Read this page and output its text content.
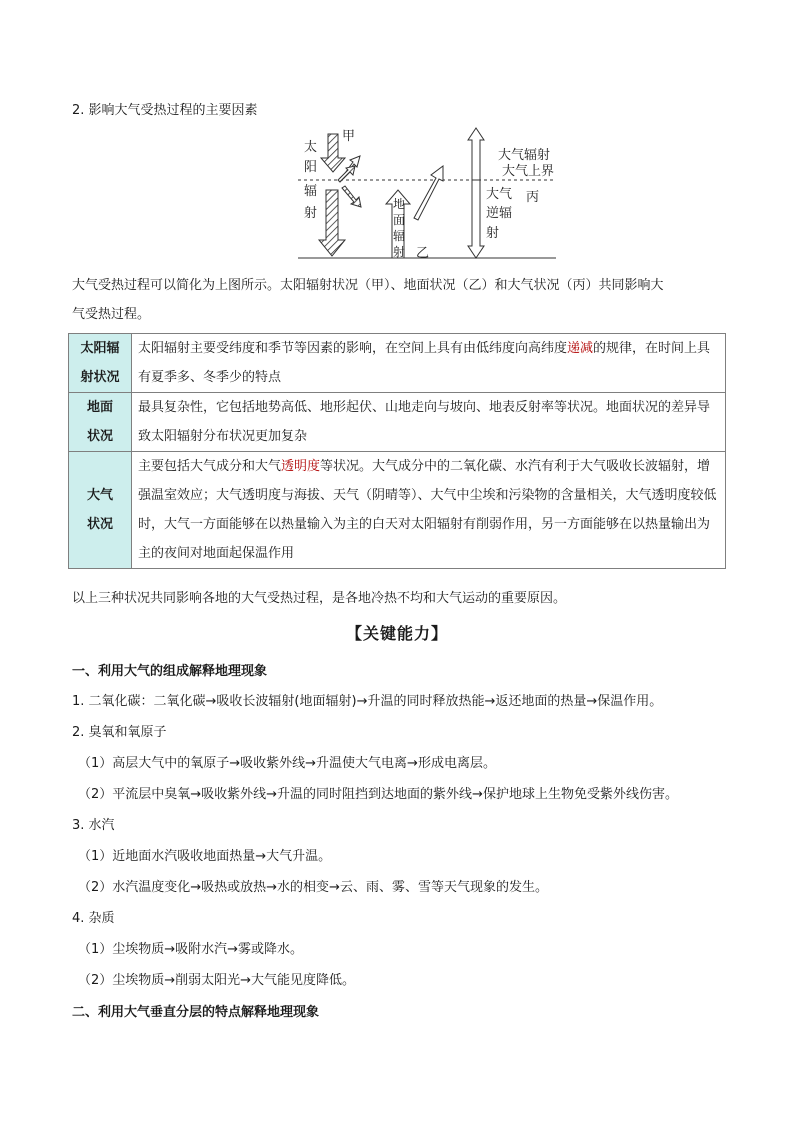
2. 影响大气受热过程的主要因素
甲
太
阳
辐
射
地
面
辐
射 乙
大气辐射
大气上界
大气
逆辐
射
丙
大气受热过程可以简化为上图所示。太阳辐射状况（甲）、地面状况（乙）和大气状况（丙）共同影响大
气受热过程。
太阳辐
射状况	太阳辐射主要受纬度和季节等因素的影响，在空间上具有由低纬度向高纬度递减的规律，在时间上具有夏季多、冬季少的特点

地面
状况	最具复杂性，它包括地势高低、地形起伏、山地走向与坡向、地表反射率等状况。地面状况的差异导致太阳辐射分布状况更加复杂

大气
状况	主要包括大气成分和大气透明度等状况。大气成分中的二氧化碳、水汽有利于大气吸收长波辐射，增强温室效应；大气透明度与海拔、天气（阴晴等）、大气中尘埃和污染物的含量相关，大气透明度较低时，大气一方面能够在以热量输入为主的白天对太阳辐射有削弱作用，另一方面能够在以热量输出为主的夜间对地面起保温作用
以上三种状况共同影响各地的大气受热过程，是各地冷热不均和大气运动的重要原因。
【关键能力】
一、利用大气的组成解释地理现象
1. 二氧化碳：二氧化碳→吸收长波辐射(地面辐射)→升温的同时释放热能→返还地面的热量→保温作用。
2. 臭氧和氧原子
（1）高层大气中的氧原子→吸收紫外线→升温使大气电离→形成电离层。
（2）平流层中臭氧→吸收紫外线→升温的同时阻挡到达地面的紫外线→保护地球上生物免受紫外线伤害。
3. 水汽
（1）近地面水汽吸收地面热量→大气升温。
（2）水汽温度变化→吸热或放热→水的相变→云、雨、雾、雪等天气现象的发生。
4. 杂质
（1）尘埃物质→吸附水汽→雾或降水。
（2）尘埃物质→削弱太阳光→大气能见度降低。
二、利用大气垂直分层的特点解释地理现象
